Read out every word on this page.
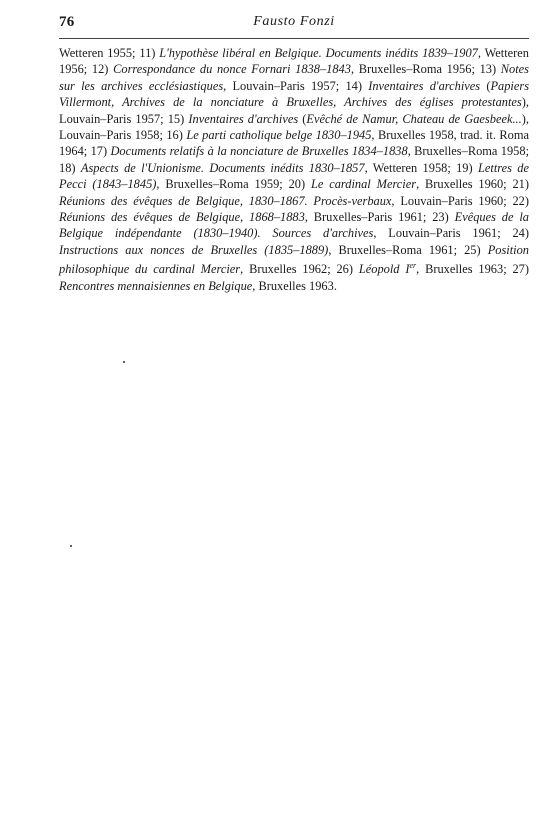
76	Fausto Fonzi

Wetteren 1955; 11) L'hypothèse libéral en Belgique. Documents inédits 1839–1907, Wetteren 1956; 12) Correspondance du nonce Fornari 1838–1843, Bruxelles–Roma 1956; 13) Notes sur les archives ecclésiastiques, Louvain–Paris 1957; 14) Inventaires d'archives (Papiers Villermont, Archives de la nonciature à Bruxelles, Archives des églises protestantes), Louvain–Paris 1957; 15) Inventaires d'archives (Evêché de Namur, Chateau de Gaesbeek...), Louvain–Paris 1958; 16) Le parti catholique belge 1830–1945, Bruxelles 1958, trad. it. Roma 1964; 17) Documents relatifs à la nonciature de Bruxelles 1834–1838, Bruxelles–Roma 1958; 18) Aspects de l'Unionisme. Documents inédits 1830–1857, Wetteren 1958; 19) Lettres de Pecci (1843–1845), Bruxelles–Roma 1959; 20) Le cardinal Mercier, Bruxelles 1960; 21) Réunions des évêques de Belgique, 1830–1867. Procès-verbaux, Louvain–Paris 1960; 22) Réunions des évêques de Belgique, 1868–1883, Bruxelles–Paris 1961; 23) Evêques de la Belgique indépendante (1830–1940). Sources d'archives, Louvain–Paris 1961; 24) Instructions aux nonces de Bruxelles (1835–1889), Bruxelles–Roma 1961; 25) Position philosophique du cardinal Mercier, Bruxelles 1962; 26) Léopold Ier, Bruxelles 1963; 27) Rencontres mennaisiennes en Belgique, Bruxelles 1963.
